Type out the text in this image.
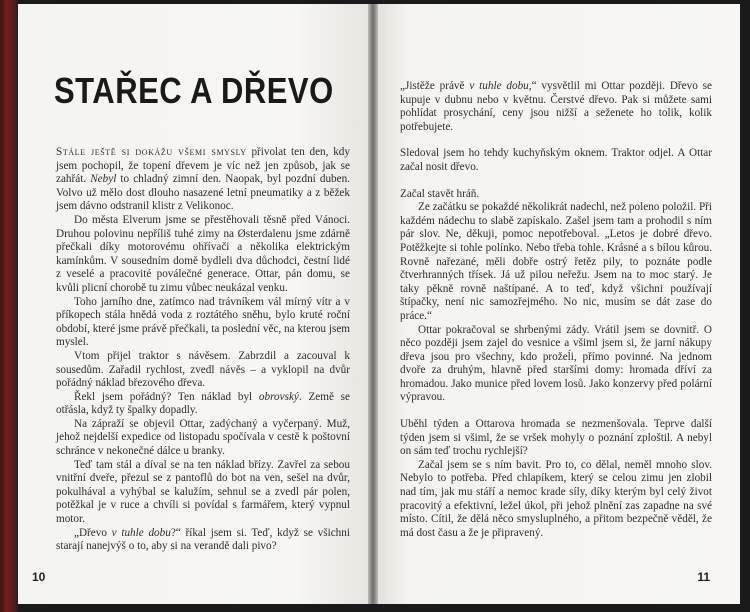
STAŘEC A DŘEVO

Stále ještě si dokážu všemi smysly přivolat ten den, kdy jsem pochopil, že topení dřevem je víc než jen způsob, jak se zahřát. Nebyl to chladný zimní den. Naopak, byl pozdní duben. Volvo už mělo dost dlouho nasazené letní pneumatiky a z běžek jsem dávno odstranil klistr z Velikonoc.

Do města Elverum jsme se přestěhovali těsně před Vánoci. Druhou polovinu nepříliš tuhé zimy na Østerdalenu jsme zdárně přečkali díky motorovému ohřívači a několika elektrickým kamínkům. V sousedním domě bydleli dva důchodci, čestní lidé z veselé a pracovité poválečné generace. Ottar, pán domu, se kvůli plicní chorobě tu zimu vůbec neukázal venku.

Toho jarního dne, zatímco nad trávníkem vál mírný vítr a v příkopech stála hnědá voda z roztátého sněhu, bylo kruté roční období, které jsme právě přečkali, ta poslední věc, na kterou jsem myslel.

Vtom přijel traktor s návěsem. Zabrzdil a zacouval k sousedům. Zařadil rychlost, zvedl návěs – a vyklopil na dvůr pořádný náklad březového dřeva.

Řekl jsem pořádný? Ten náklad byl obrovský. Země se otřásla, když ty špalky dopadly.

Na zápraží se objevil Ottar, zadýchaný a vyčerpaný. Muž, jehož nejdelší expedice od listopadu spočívala v cestě k poštovní schránce v nekonečné dálce u branky.

Teď tam stál a díval se na ten náklad břízy. Zavřel za sebou vnitřní dveře, přezul se z pantoflů do bot na ven, sešel na dvůr, pokulhával a vyhýbal se kalužím, sehnul se a zvedl pár polen, potěžkal je v ruce a chvíli si povídal s farmářem, který vypnul motor.

„Dřevo v tuhle dobu?“ říkal jsem si. Teď, když se všichni starají nanejvýš o to, aby si na verandě dali pivo?

10

„Jistěže právě v tuhle dobu,“ vysvětlil mi Ottar později. Dřevo se kupuje v dubnu nebo v květnu. Čerstvé dřevo. Pak si můžete sami pohlídat prosychání, ceny jsou nižší a seženete ho tolik, kolik potřebujete.

Sledoval jsem ho tehdy kuchyňským oknem. Traktor odjel. A Ottar začal nosit dřevo.

Začal stavět hráň.

Ze začátku se pokaždé několikrát nadechl, než poleno položil. Při každém nádechu to slabě zapískalo. Zašel jsem tam a prohodil s ním pár slov. Ne, děkuji, pomoc nepotřeboval. „Letos je dobré dřevo. Potěžkejte si tohle polínko. Nebo třeba tohle. Krásné a s bílou kůrou. Rovně nařezané, měli dobře ostrý řetěz pily, to poznáte podle čtverhranných třísek. Já už pilou neřežu. Jsem na to moc starý. Je taky pěkně rovně naštípané. A to teď, když všichni používají štípačky, není nic samozřejmého. No nic, musím se dát zase do práce.“

Ottar pokračoval se shrbenými zády. Vrátil jsem se dovnitř. O něco později jsem zajel do vesnice a všiml jsem si, že jarní nákupy dřeva jsou pro všechny, kdo prožeĺi, přímo povinné. Na jednom dvoře za druhým, hlavně před staršími domy: hromada dříví za hromadou. Jako munice před lovem losů. Jako konzervy před polární výpravou.

Uběhl týden a Ottarova hromada se nezmenšovala. Teprve další týden jsem si všiml, že se vršek mohyly o poznání zploštil. A nebyl on sám teď trochu rychlejší?

Začal jsem se s ním bavit. Pro to, co dělal, neměl mnoho slov. Nebylo to potřeba. Před chlapíkem, který se celou zimu jen zlobil nad tím, jak mu stáří a nemoc krade síly, díky kterým byl celý život pracovitý a efektivní, ležel úkol, při jehož plnění zas zapadne na své místo. Cítil, že dělá něco smysluplného, a přitom bezpečně věděl, že má dost času a že je připravený.

11
